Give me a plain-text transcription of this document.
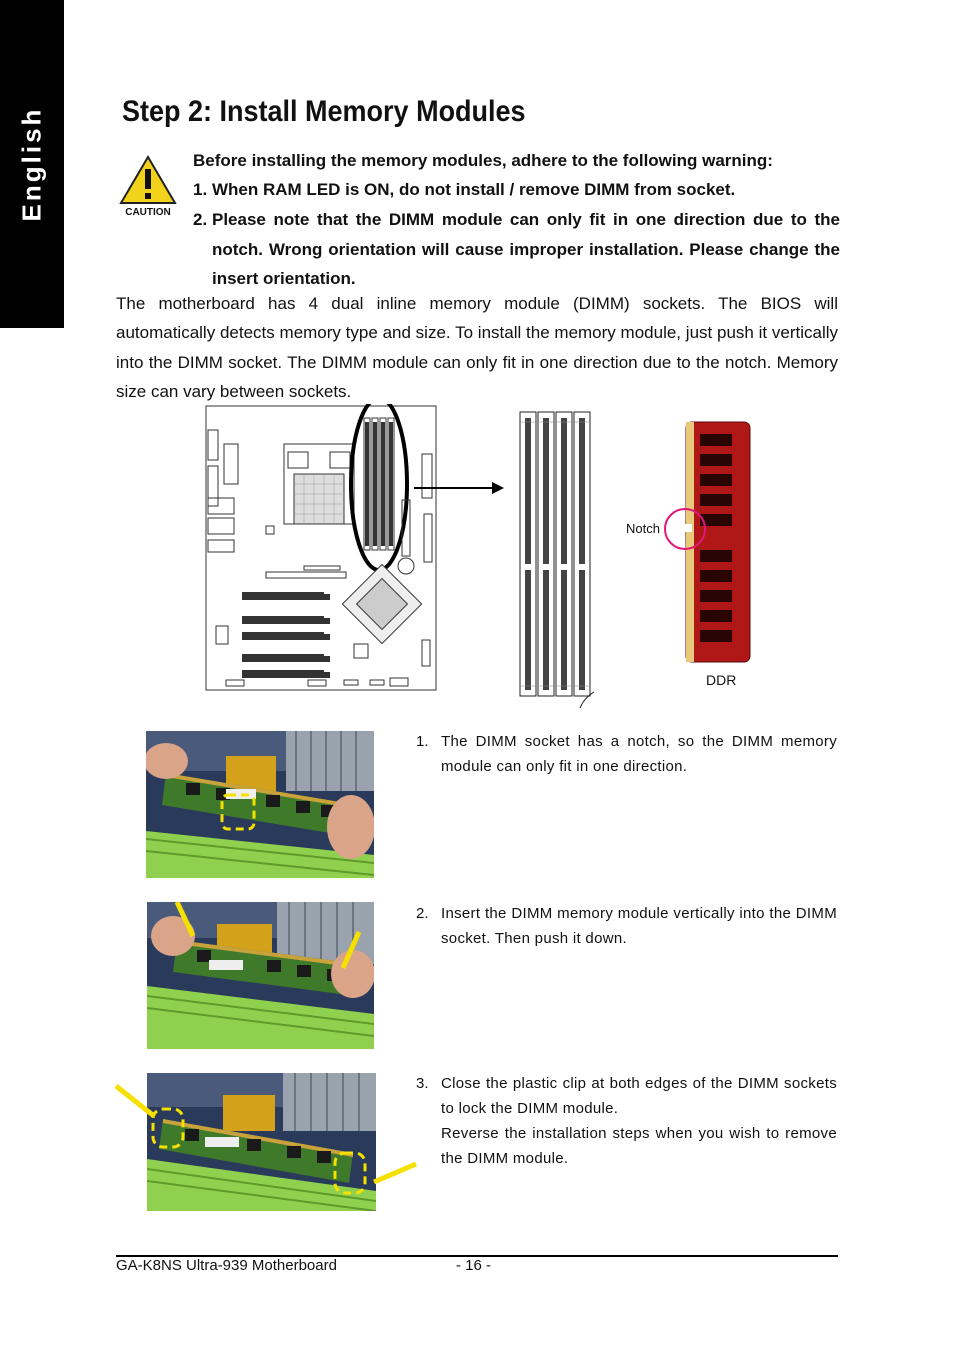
English	Step 2: Install Memory Modules
CAUTION

Before installing the memory modules, adhere to the following warning:

1. When RAM LED is ON, do not install / remove DIMM from socket.
2. Please note that the DIMM module can only fit in one direction due to the notch. Wrong orientation will cause improper installation. Please change the insert orientation.

The motherboard has 4 dual inline memory module (DIMM) sockets. The BIOS will automatically detects memory type and size. To install the memory module, just push it vertically into the DIMM socket. The DIMM module can only fit in one direction due to the notch. Memory size can vary between sockets.

Notch
DDR
1. The DIMM socket has a notch, so the DIMM memory module can only fit in one direction.
2. Insert the DIMM memory module vertically into the DIMM socket. Then push it down.
3. Close the plastic clip at both edges of the DIMM sockets to lock the DIMM module.
Reverse the installation steps when you wish to remove the DIMM module.
GA-K8NS Ultra-939 Motherboard	- 16 -
